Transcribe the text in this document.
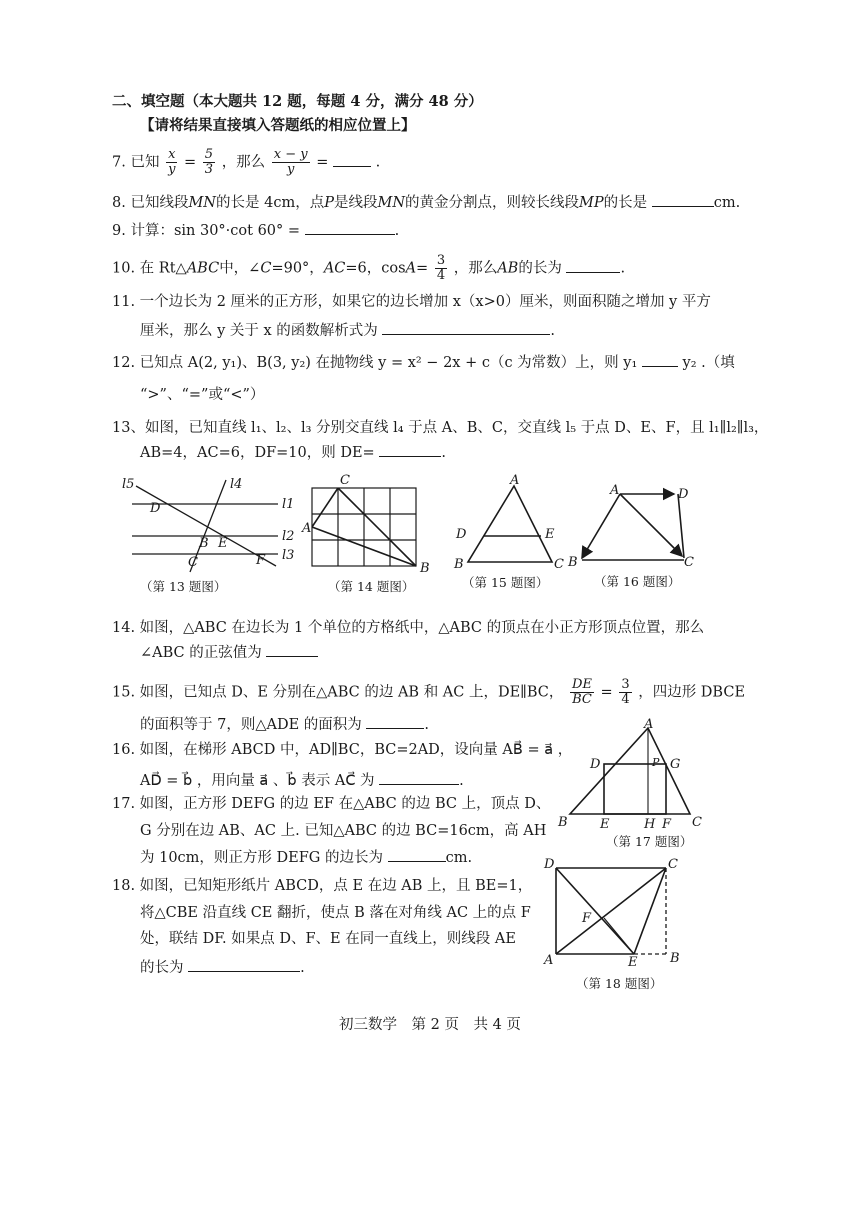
二、填空题（本大题共 12 题，每题 4 分，满分 48 分）
【请将结果直接填入答题纸的相应位置上】
7. 已知 $\frac{x}{y} = \frac{5}{3}$ ，那么 $\frac{x - y}{y}$ =	.
8. 已知线段MN的长是 4cm，点P是线段MN的黄金分割点，则较长线段MP的长是	cm.
9. 计算：sin 30°·cot 60° =	.
10. 在 Rt△ABC中，∠C=90°，AC=6，$\cos A= \frac{3}{4}$ ，那么AB的长为	.
11. 一个边长为 2 厘米的正方形，如果它的边长增加 x（x>0）厘米，则面积随之增加 y 平方
厘米，那么 y 关于 x 的函数解析式为	.
12. 已知点 A(2, y₁)、B(3, y₂) 在抛物线 y = x² − 2x + c（c 为常数）上，则 y₁	y₂ .（填
“>”、“=”或“<”）
13、如图，已知直线 l₁、l₂、l₃ 分别交直线 l₄ 于点 A、B、C，交直线 l₅ 于点 D、E、F，且 l₁∥l₂∥l₃，
AB=4，AC=6，DF=10，则 DE=	.
l5	l4
l1
l2
l3
D
B E
C	F
（第 13 题图）
A
B
C
（第 14 题图）
A
D	E
C
B
（第 15 题图）
A	D
B	C
（第 16 题图）
14. 如图，△ABC 在边长为 1 个单位的方格纸中，△ABC 的顶点在小正方形顶点位置，那么
∠ABC 的正弦值为
15. 如图，已知点 D、E 分别在△ABC 的边 AB 和 AC 上，DE∥BC， $\frac{DE}{BC} = \frac{3}{4}$ ，四边形 DBCE
的面积等于 7，则△ADE 的面积为	.
16. 如图，在梯形 ABCD 中，AD∥BC，BC=2AD，设向量 AB⃗ = a⃗ ，
AD⃗ = b⃗ ，用向量 a⃗ 、b⃗ 表示 AC⃗ 为	.
17. 如图，正方形 DEFG 的边 EF 在△ABC 的边 BC 上，顶点 D、
G 分别在边 AB、AC 上. 已知△ABC 的边 BC=16cm，高 AH
为 10cm，则正方形 DEFG 的边长为	cm.
A
D	P G
B E	H F C
（第 17 题图）
18. 如图，已知矩形纸片 ABCD，点 E 在边 AB 上，且 BE=1，
将△CBE 沿直线 CE 翻折，使点 B 落在对角线 AC 上的点 F
处，联结 DF. 如果点 D、F、E 在同一直线上，则线段 AE
的长为	.
D	C
F
A	E	B
（第 18 题图）
初三数学　第 2 页　共 4 页
